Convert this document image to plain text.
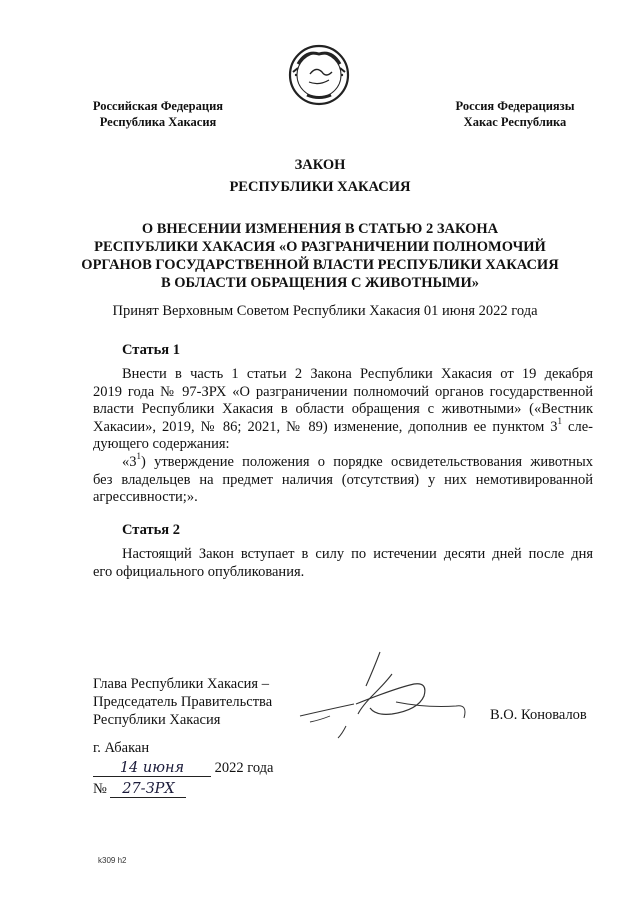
Российская Федерация
Республика Хакасия
Россия Федерациязы
Хакас Республика
ЗАКОН
РЕСПУБЛИКИ ХАКАСИЯ
О ВНЕСЕНИИ ИЗМЕНЕНИЯ В СТАТЬЮ 2 ЗАКОНА
РЕСПУБЛИКИ ХАКАСИЯ «О РАЗГРАНИЧЕНИИ ПОЛНОМОЧИЙ
ОРГАНОВ ГОСУДАРСТВЕННОЙ ВЛАСТИ РЕСПУБЛИКИ ХАКАСИЯ
В ОБЛАСТИ ОБРАЩЕНИЯ С ЖИВОТНЫМИ»
Принят Верховным Советом Республики Хакасия 01 июня 2022 года
Статья 1
Внести в часть 1 статьи 2 Закона Республики Хакасия от 19 декабря
2019 года № 97-ЗРХ «О разграничении полномочий органов государственной
власти Республики Хакасия в области обращения с животными» («Вестник
Хакасии», 2019, № 86; 2021, № 89) изменение, дополнив ее пунктом $3^1$ сле-
дующего содержания:
«$3^1$) утверждение положения о порядке освидетельствования животных
без владельцев на предмет наличия (отсутствия) у них немотивированной
агрессивности;».
Статья 2
Настоящий Закон вступает в силу по истечении десяти дней после дня
его официального опубликования.
Глава Республики Хакасия –
Председатель Правительства
Республики Хакасия	В.О. Коновалов
г. Абакан
14 июня 2022 года
№ 27-ЗРХ
k309 h2
